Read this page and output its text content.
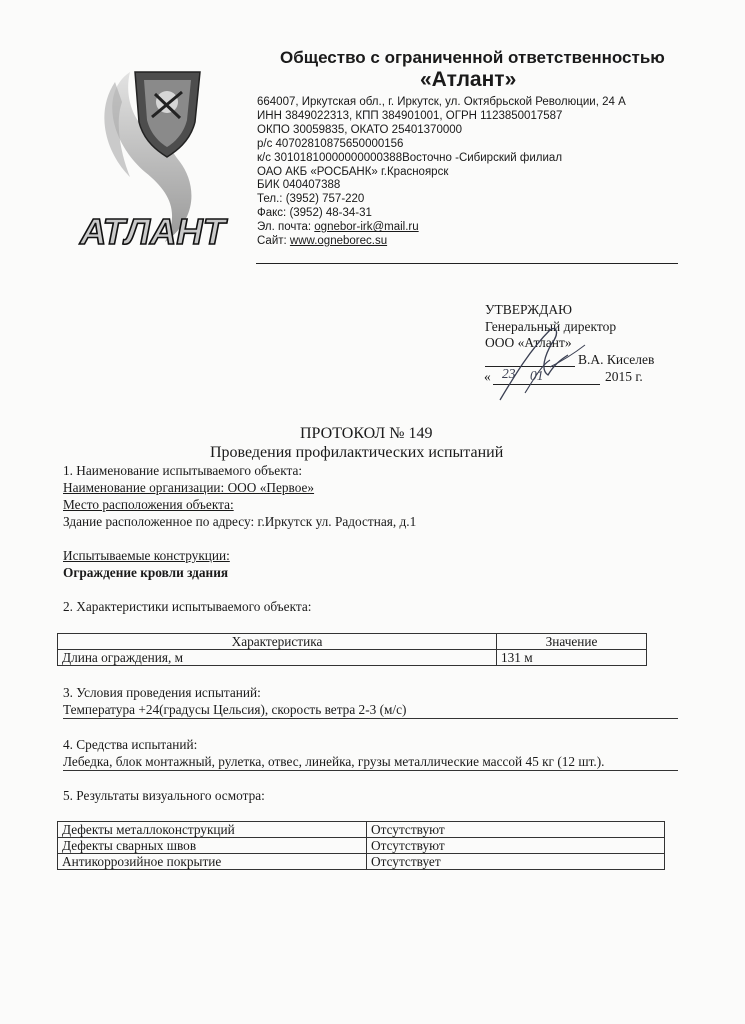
АТЛАНТ
Общество с ограниченной ответственностью
«Атлант»
664007, Иркутская обл., г. Иркутск, ул. Октябрьской Революции, 24 А
ИНН 3849022313, КПП 384901001, ОГРН 1123850017587
ОКПО 30059835, ОКАТО 25401370000
р/с 40702810875650000156
к/с 30101810000000000388Восточно -Сибирский филиал
ОАО АКБ «РОСБАНК» г.Красноярск
БИК 040407388
Тел.: (3952) 757-220
Факс: (3952) 48-34-31
Эл. почта: ognebor-irk@mail.ru
Сайт: www.ogneborec.su
УТВЕРЖДАЮ
Генеральный директор
ООО «Атлант»
В.А. Киселев
« 23 01	2015 г.
ПРОТОКОЛ № 149
Проведения профилактических испытаний
1. Наименование испытываемого объекта:
Наименование организации: ООО «Первое»
Место расположения объекта:
Здание расположенное по адресу: г.Иркутск ул. Радостная, д.1
Испытываемые конструкции:
Ограждение кровли здания
2. Характеристики испытываемого объекта:
Характеристика	Значение
Длина ограждения, м	131 м
3. Условия проведения испытаний:
Температура +24(градусы Цельсия), скорость ветра 2-3 (м/с)
4. Средства испытаний:
Лебедка, блок монтажный, рулетка, отвес, линейка, грузы металлические массой 45 кг (12 шт.).
5. Результаты визуального осмотра:
Дефекты металлоконструкций	Отсутствуют
Дефекты сварных швов	Отсутствуют
Антикоррозийное покрытие	Отсутствует
